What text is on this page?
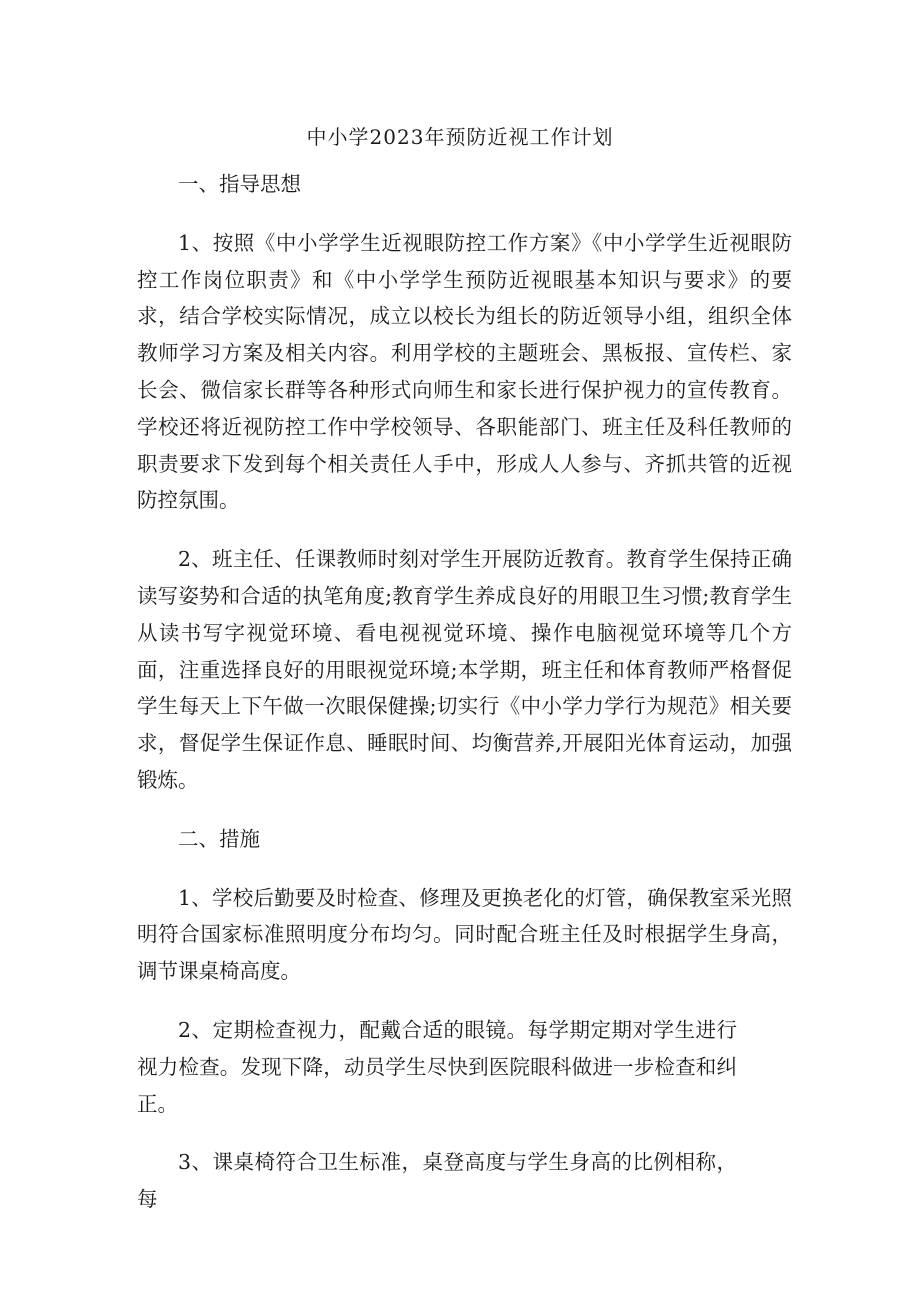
中小学2023年预防近视工作计划

一、指导思想

1、按照《中小学学生近视眼防控工作方案》《中小学学生近视眼防控工作岗位职责》和《中小学学生预防近视眼基本知识与要求》的要求，结合学校实际情况，成立以校长为组长的防近领导小组，组织全体教师学习方案及相关内容。利用学校的主题班会、黑板报、宣传栏、家长会、微信家长群等各种形式向师生和家长进行保护视力的宣传教育。学校还将近视防控工作中学校领导、各职能部门、班主任及科任教师的职责要求下发到每个相关责任人手中，形成人人参与、齐抓共管的近视防控氛围。

2、班主任、任课教师时刻对学生开展防近教育。教育学生保持正确读写姿势和合适的执笔角度;教育学生养成良好的用眼卫生习惯;教育学生从读书写字视觉环境、看电视视觉环境、操作电脑视觉环境等几个方面，注重选择良好的用眼视觉环境;本学期，班主任和体育教师严格督促学生每天上下午做一次眼保健操;切实行《中小学力学行为规范》相关要求，督促学生保证作息、睡眠时间、均衡营养,开展阳光体育运动，加强锻炼。

二、措施

1、学校后勤要及时检查、修理及更换老化的灯管，确保教室采光照明符合国家标准照明度分布均匀。同时配合班主任及时根据学生身高，调节课桌椅高度。

2、定期检查视力，配戴合适的眼镜。每学期定期对学生进行视力检查。发现下降，动员学生尽快到医院眼科做进一步检查和纠正。

3、课桌椅符合卫生标准，桌登高度与学生身高的比例相称，每
